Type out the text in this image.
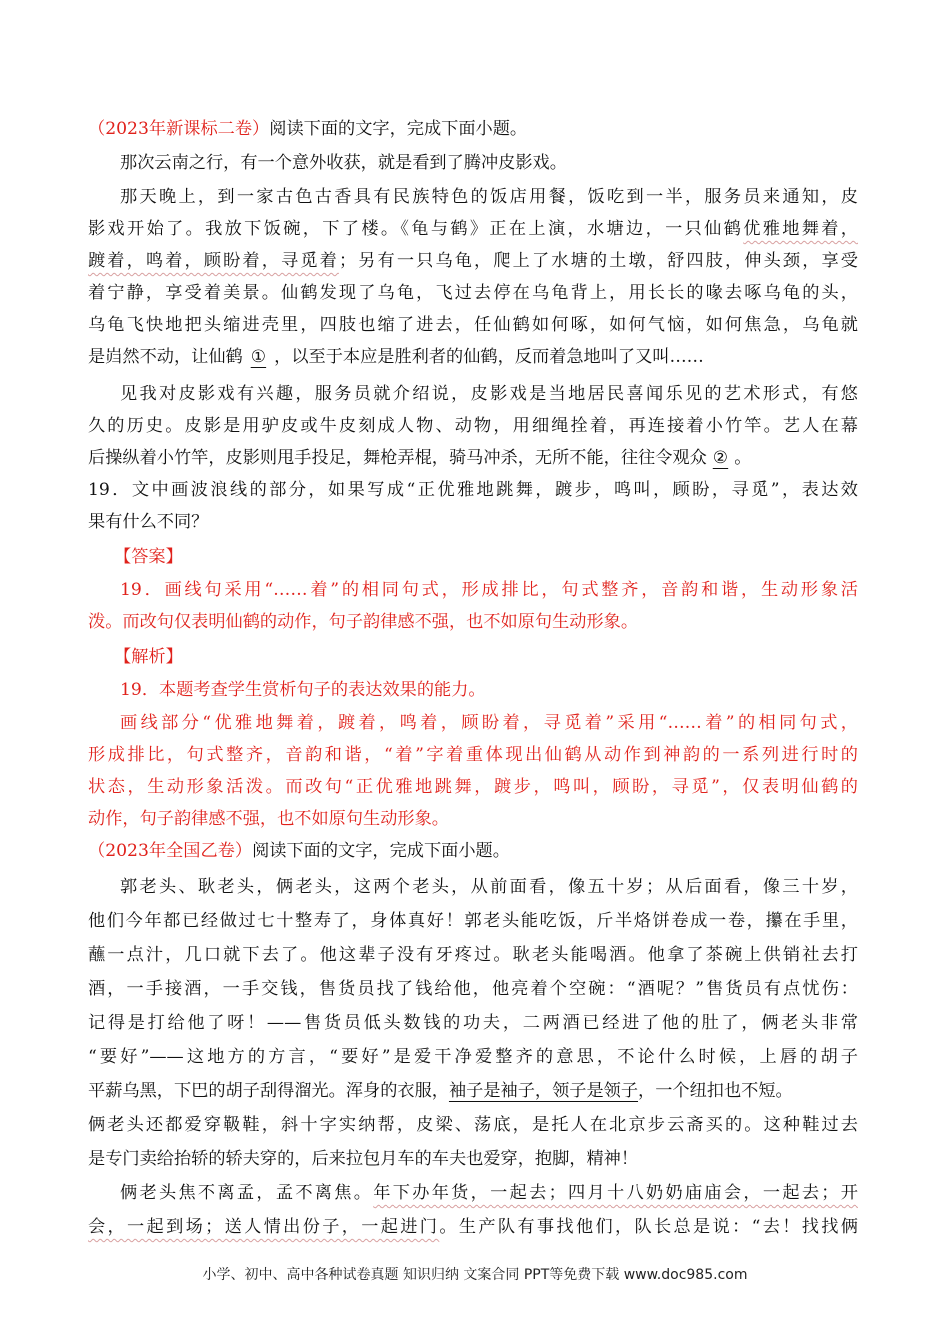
（2023年新课标二卷）阅读下面的文字，完成下面小题。
那次云南之行，有一个意外收获，就是看到了腾冲皮影戏。
那天晚上，到一家古色古香具有民族特色的饭店用餐，饭吃到一半，服务员来通知，皮
影戏开始了。我放下饭碗，下了楼。《龟与鹤》正在上演，水塘边，一只仙鹤优雅地舞着，
踱着，鸣着，顾盼着，寻觅着；另有一只乌龟，爬上了水塘的土墩，舒四肢，伸头颈，享受
着宁静，享受着美景。仙鹤发现了乌龟，飞过去停在乌龟背上，用长长的喙去啄乌龟的头，
乌龟飞快地把头缩进壳里，四肢也缩了进去，任仙鹤如何啄，如何气恼，如何焦急，乌龟就
是岿然不动，让仙鹤 ① ，以至于本应是胜利者的仙鹤，反而着急地叫了又叫……
见我对皮影戏有兴趣，服务员就介绍说，皮影戏是当地居民喜闻乐见的艺术形式，有悠
久的历史。皮影是用驴皮或牛皮刻成人物、动物，用细绳拴着，再连接着小竹竿。艺人在幕
后操纵着小竹竿，皮影则甩手投足，舞枪弄棍，骑马冲杀，无所不能，往往令观众 ② 。
19．文中画波浪线的部分，如果写成“正优雅地跳舞，踱步，鸣叫，顾盼，寻觅”，表达效
果有什么不同？
【答案】
19．画线句采用“……着”的相同句式，形成排比，句式整齐，音韵和谐，生动形象活
泼。而改句仅表明仙鹤的动作，句子韵律感不强，也不如原句生动形象。
【解析】
19．本题考查学生赏析句子的表达效果的能力。
画线部分“优雅地舞着，踱着，鸣着，顾盼着，寻觅着”采用“……着”的相同句式，
形成排比，句式整齐，音韵和谐，“着”字着重体现出仙鹤从动作到神韵的一系列进行时的
状态，生动形象活泼。而改句“正优雅地跳舞，踱步，鸣叫，顾盼，寻觅”，仅表明仙鹤的
动作，句子韵律感不强，也不如原句生动形象。
（2023年全国乙卷）阅读下面的文字，完成下面小题。
郭老头、耿老头，俩老头，这两个老头，从前面看，像五十岁；从后面看，像三十岁，
他们今年都已经做过七十整寿了，身体真好！郭老头能吃饭，斤半烙饼卷成一卷，攥在手里，
蘸一点汁，几口就下去了。他这辈子没有牙疼过。耿老头能喝酒。他拿了茶碗上供销社去打
酒，一手接酒，一手交钱，售货员找了钱给他，他亮着个空碗：“酒呢？”售货员有点忧伤：
记得是打给他了呀！——售货员低头数钱的功夫，二两酒已经进了他的肚了，俩老头非常
“要好”——这地方的方言，“要好”是爱干净爱整齐的意思，不论什么时候，上唇的胡子
平薪乌黑，下巴的胡子刮得溜光。浑身的衣服，袖子是袖子，领子是领子，一个纽扣也不短。
俩老头还都爱穿靸鞋，斜十字实纳帮，皮梁、荡底，是托人在北京步云斋买的。这种鞋过去
是专门卖给抬轿的轿夫穿的，后来拉包月车的车夫也爱穿，抱脚，精神！
俩老头焦不离孟，孟不离焦。年下办年货，一起去；四月十八奶奶庙庙会，一起去；开
会，一起到场；送人情出份子，一起进门。生产队有事找他们，队长总是说：“去！找找俩
小学、初中、高中各种试卷真题 知识归纳 文案合同 PPT等免费下载 www.doc985.com
